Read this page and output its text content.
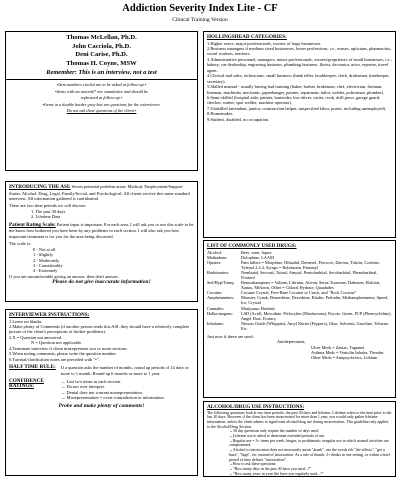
Addiction Severity Index Lite - CF
Clinical Training Version
Thomas McLellan, Ph.D.
John Cacciola, Ph.D.
Deni Carise, Ph.D.
Thomas H. Coyne, MSW
Remember: This is an interview, not a test
•Item numbers circled are to be asked at follow-up.•
•Items with an asterisk* are cumulative and should be
rephrased at follow-up.•
•Items in a double border gray box are questions for the interviewer.
Do not ask these questions of the client.•
HOLLINGSHEAD CATEGORIES:
1.Higher execs, major professionals, owners of large businesses.
2.Business managers if medium sized businesses, lesser professions, i.e., nurses, opticians, pharmacists, social workers, teachers.
3.Administrative personnel, managers, minor professionals, owners/proprietors of small businesses, i.e., bakery, car dealership, engraving business, plumbing business, florist, decorator, actor, reporter, travel agent.
4.Clerical and sales, technicians, small business (bank teller, bookkeeper, clerk, draftsman, timekeeper, secretary).
5.Skilled manual - usually having had training (baker, barber, brakeman, chef, electrician, fireman, lineman, machinist, mechanic, paperhanger, painter, repairman, tailor, welder, policeman, plumber).
6.Semi-skilled (hospital aide, painter, bartender, bus driver, cutter, cook, drill press, garage guard, checker, waiter, spot welder, machine operator).
7.Unskilled (attendant, janitor, construction helper, unspecified labor, porter, including unemployed).
8.Homemaker.
9.Student, disabled, no occupation.

INTRODUCING THE ASI: Seven potential problem areas: Medical, Employment/Support Status, Alcohol, Drug, Legal, Family/Social, and Psychological. All clients receive this same standard interview. All information gathered is confidential.

There are two time periods we will discuss:
1. The past 30 days
2. Lifetime Data

Patient Rating Scale: Patient input is important. For each area, I will ask you to use this scale to let me know how bothered you have been by any problems in each section. I will also ask you how important treatment is for you for the area being discussed.

The scale is:
0 - Not at all
1 - Slightly
2 - Moderately
3 - Considerably
4 - Extremely
If you are uncomfortable giving an answer, then don't answer.
Please do not give inaccurate information!
LIST OF COMMONLY USED DRUGS:
Alcohol:	Beer, wine, liquor
Methadone:	Dolophine, LAAM
Opiates:	Pain killers = Morphine, Dilaudid, Demerol, Percocet, Darvon, Talwin, Codeine, Tylenol 2,3,4, Syrups = Robitussin, Fentanyl
Barbiturates:	Nembutal, Seconal, Tuinal, Amytal, Pentobarbital, Secobarbital, Phenobarbital, Fiorinol
Sed/Hyp/Tranq:	Benzodiazepines = Valium, Librium, Ativan, Serax Tranxene, Dalmane, Halcion, Xanax, Miltown, Other = Chloral Hydrate, Quaaludes
Cocaine:	Cocaine Crystal, Free-Base Cocaine or Crack, and "Rock Cocaine"
Amphetamines:	Monster, Crank, Benzedrine, Dexedrine, Ritalin, Preludin, Methamphetamine, Speed, Ice, Crystal
Cannabis:	Marijuana, Hashish
Hallucinogens:	LSD (Acid), Mescaline, Psilocybin (Mushrooms), Peyote, Green, PCP (Phencyclidine), Angel Dust, Ecstacy
Inhalants:	Nitrous Oxide (Whippits), Amyl Nitrite (Poppers), Glue, Solvents, Gasoline, Toluene, Etc.
Just note if these are used:
Antidepressants,
Ulcer Meds = Zantac, Tagamet
Asthma Meds = Ventolin Inhaler, Theodur
Other Meds = Antipsychotics, Lithium
INTERVIEWER INSTRUCTIONS:
1.Leave no blanks.
2.Make plenty of Comments (if another person reads this ASI, they should have a relatively complete picture of the client's perceptions of his/her problems).
3.X = Question not answered.
N = Question not applicable.
4.Terminate interview if client misrepresents two or more sections.
5.When noting comments, please write the question number.
6.Tutorial/clarification notes are preceded with "•".
HALF TIME RULE:	If a question asks the number of months, round up periods of 14 days or more to 1 month. Round up 6 months or more to 1 year.
CONFIDENCE RATINGS:
→ Last two items in each section.
→ Do not over interpret.
→ Denial does not warrant misrepresentation.
→ Misrepresentation = overt contradiction in information.
Probe and make plenty of comments!	ALCOHOL/DRUG USE INSTRUCTIONS:
The following questions look at two time periods: the past 30 days and lifetime. Lifetime refers to the time prior to the last 30 days. However if the client has been incarcerated for more than 1 year, you would only gather lifetime information, unless the client admits to significant alcohol/drug use during incarceration. This guideline only applies to the Alcohol/Drug Section.
→30 day questions only require the number of days used.
→Lifetime use is asked to determine extended periods of use.
→Regular use = 3+ times per week, binges, or problematic irregular use in which normal activities are compromised.
→Alcohol to intoxication does not necessarily mean "drunk", use the words felt "the effects", "got a buzz", "high", etc. instead of intoxication. As a rule of thumb, 3+ drinks in one setting, or within a brief period of time defines "intoxication".
→How to ask these questions:
→"How many days in the past 30 have you used...?"
→"How many years in your life have you regularly used...?"
